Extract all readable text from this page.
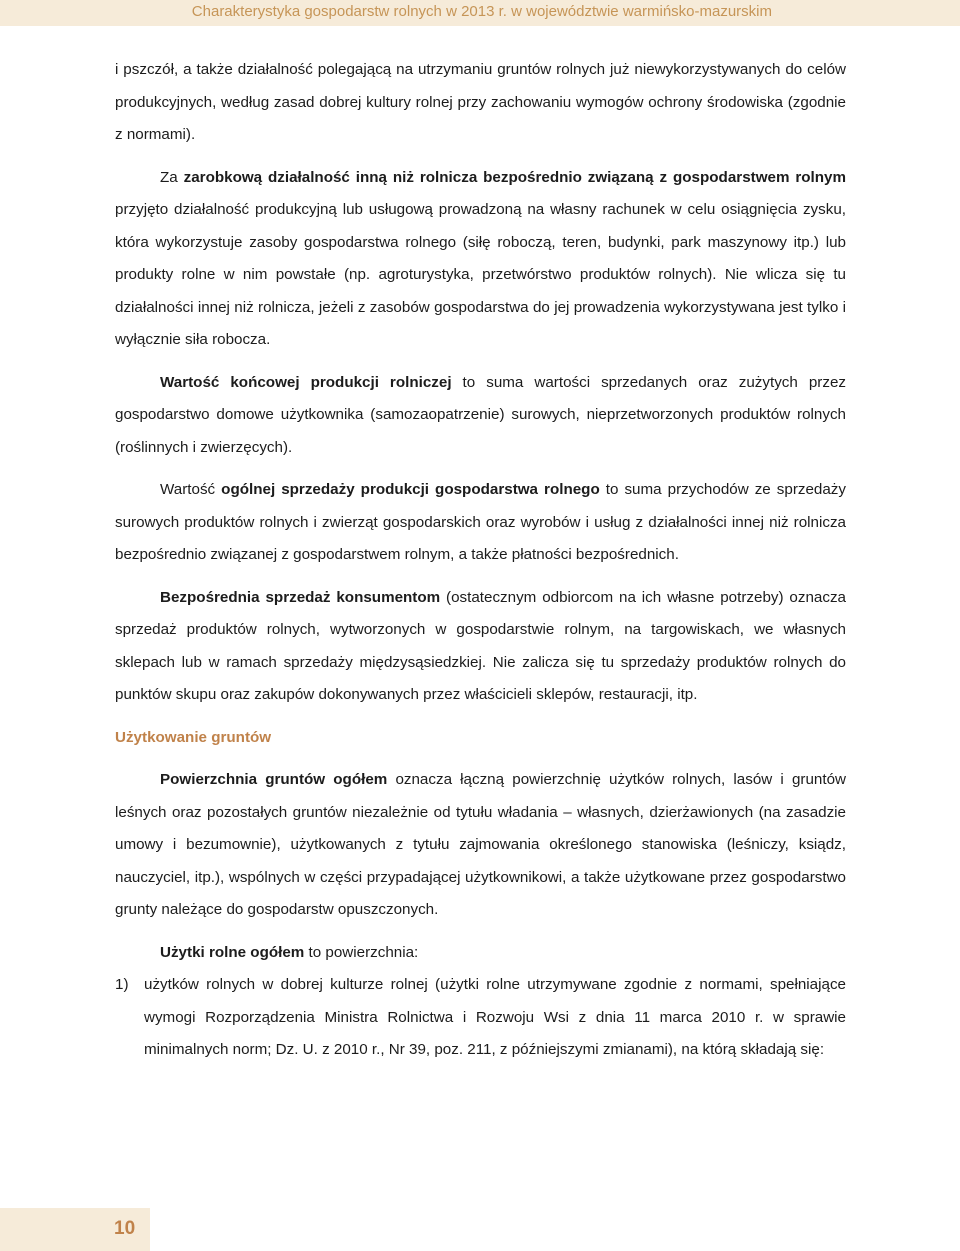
Charakterystyka gospodarstw rolnych w 2013 r. w województwie warmińsko-mazurskim

i pszczół, a także działalność polegającą na utrzymaniu gruntów rolnych już niewykorzystywanych do celów produkcyjnych, według zasad dobrej kultury rolnej przy zachowaniu wymogów ochrony środowiska (zgodnie z normami).

Za zarobkową działalność inną niż rolnicza bezpośrednio związaną z gospodarstwem rolnym przyjęto działalność produkcyjną lub usługową prowadzoną na własny rachunek w celu osiągnięcia zysku, która wykorzystuje zasoby gospodarstwa rolnego (siłę roboczą, teren, budynki, park maszynowy itp.) lub produkty rolne w nim powstałe (np. agroturystyka, przetwórstwo produktów rolnych). Nie wlicza się tu działalności innej niż rolnicza, jeżeli z zasobów gospodarstwa do jej prowadzenia wykorzystywana jest tylko i wyłącznie siła robocza.

Wartość końcowej produkcji rolniczej to suma wartości sprzedanych oraz zużytych przez gospodarstwo domowe użytkownika (samozaopatrzenie) surowych, nieprzetworzonych produktów rolnych (roślinnych i zwierzęcych).

Wartość ogólnej sprzedaży produkcji gospodarstwa rolnego to suma przychodów ze sprzedaży surowych produktów rolnych i zwierząt gospodarskich oraz wyrobów i usług z działalności innej niż rolnicza bezpośrednio związanej z gospodarstwem rolnym, a także płatności bezpośrednich.

Bezpośrednia sprzedaż konsumentom (ostatecznym odbiorcom na ich własne potrzeby) oznacza sprzedaż produktów rolnych, wytworzonych w gospodarstwie rolnym, na targowiskach, we własnych sklepach lub w ramach sprzedaży międzysąsiedzkiej. Nie zalicza się tu sprzedaży produktów rolnych do punktów skupu oraz zakupów dokonywanych przez właścicieli sklepów, restauracji, itp.

Użytkowanie gruntów

Powierzchnia gruntów ogółem oznacza łączną powierzchnię użytków rolnych, lasów i gruntów leśnych oraz pozostałych gruntów niezależnie od tytułu władania – własnych, dzierżawionych (na zasadzie umowy i bezumownie), użytkowanych z tytułu zajmowania określonego stanowiska (leśniczy, ksiądz, nauczyciel, itp.), wspólnych w części przypadającej użytkownikowi, a także użytkowane przez gospodarstwo grunty należące do gospodarstw opuszczonych.

Użytki rolne ogółem to powierzchnia:

1) użytków rolnych w dobrej kulturze rolnej (użytki rolne utrzymywane zgodnie z normami, spełniające wymogi Rozporządzenia Ministra Rolnictwa i Rozwoju Wsi z dnia 11 marca 2010 r. w sprawie minimalnych norm; Dz. U. z 2010 r., Nr 39, poz. 211, z późniejszymi zmianami), na którą składają się:
10
